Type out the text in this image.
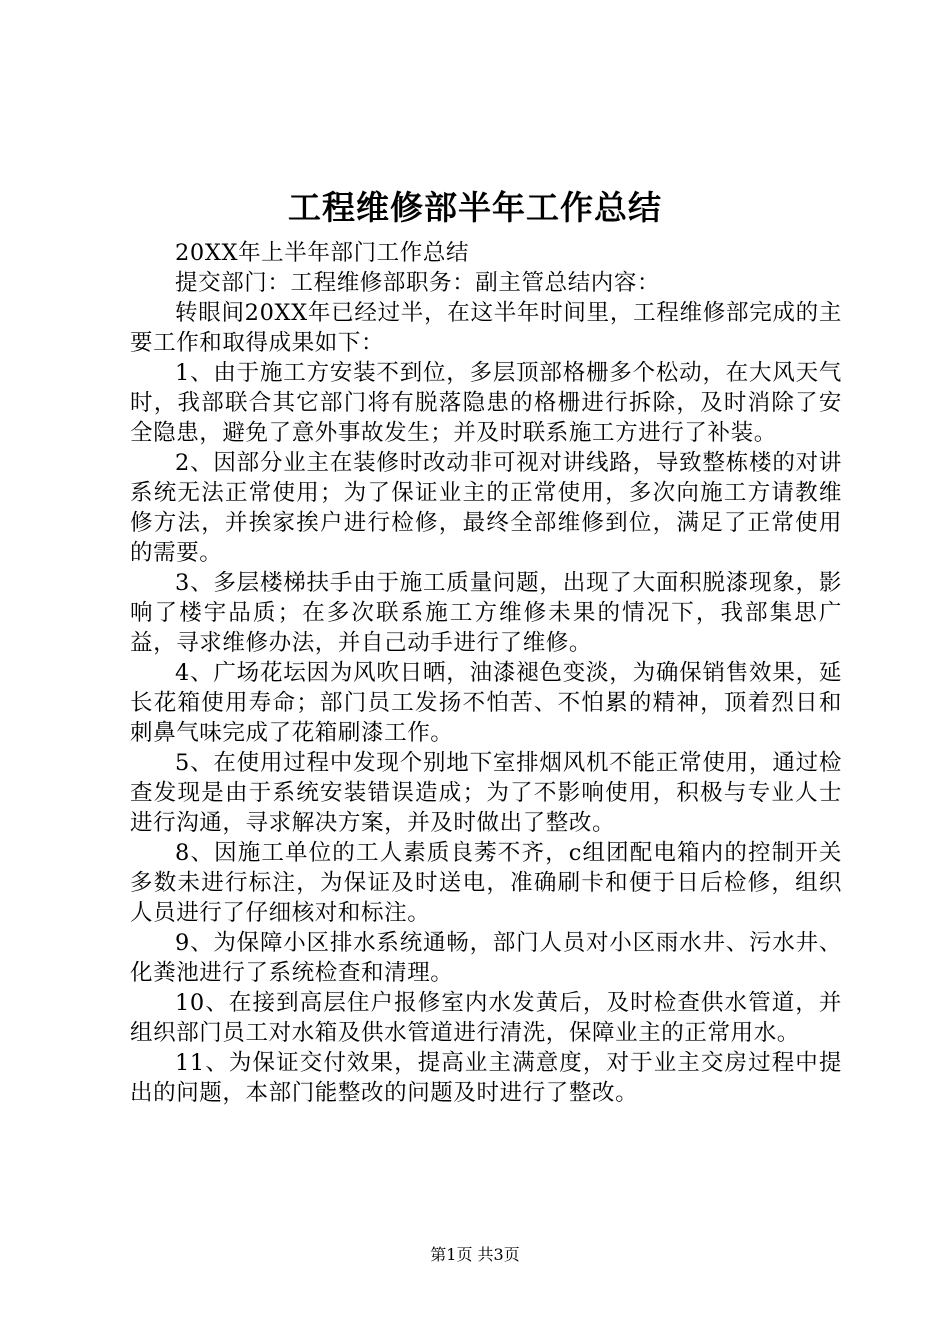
工程维修部半年工作总结

20XX年上半年部门工作总结

提交部门：工程维修部职务：副主管总结内容：

转眼间20XX年已经过半，在这半年时间里，工程维修部完成的主要工作和取得成果如下：

1、由于施工方安装不到位，多层顶部格栅多个松动，在大风天气时，我部联合其它部门将有脱落隐患的格栅进行拆除，及时消除了安全隐患，避免了意外事故发生；并及时联系施工方进行了补装。

2、因部分业主在装修时改动非可视对讲线路，导致整栋楼的对讲系统无法正常使用；为了保证业主的正常使用，多次向施工方请教维修方法，并挨家挨户进行检修，最终全部维修到位，满足了正常使用的需要。

3、多层楼梯扶手由于施工质量问题，出现了大面积脱漆现象，影响了楼宇品质；在多次联系施工方维修未果的情况下，我部集思广益，寻求维修办法，并自己动手进行了维修。

4、广场花坛因为风吹日晒，油漆褪色变淡，为确保销售效果，延长花箱使用寿命；部门员工发扬不怕苦、不怕累的精神，顶着烈日和刺鼻气味完成了花箱刷漆工作。

5、在使用过程中发现个别地下室排烟风机不能正常使用，通过检查发现是由于系统安装错误造成；为了不影响使用，积极与专业人士进行沟通，寻求解决方案，并及时做出了整改。

8、因施工单位的工人素质良莠不齐，c组团配电箱内的控制开关多数未进行标注，为保证及时送电，准确刷卡和便于日后检修，组织人员进行了仔细核对和标注。

9、为保障小区排水系统通畅，部门人员对小区雨水井、污水井、化粪池进行了系统检查和清理。

10、在接到高层住户报修室内水发黄后，及时检查供水管道，并组织部门员工对水箱及供水管道进行清洗，保障业主的正常用水。

11、为保证交付效果，提高业主满意度，对于业主交房过程中提出的问题，本部门能整改的问题及时进行了整改。

第1页 共3页
